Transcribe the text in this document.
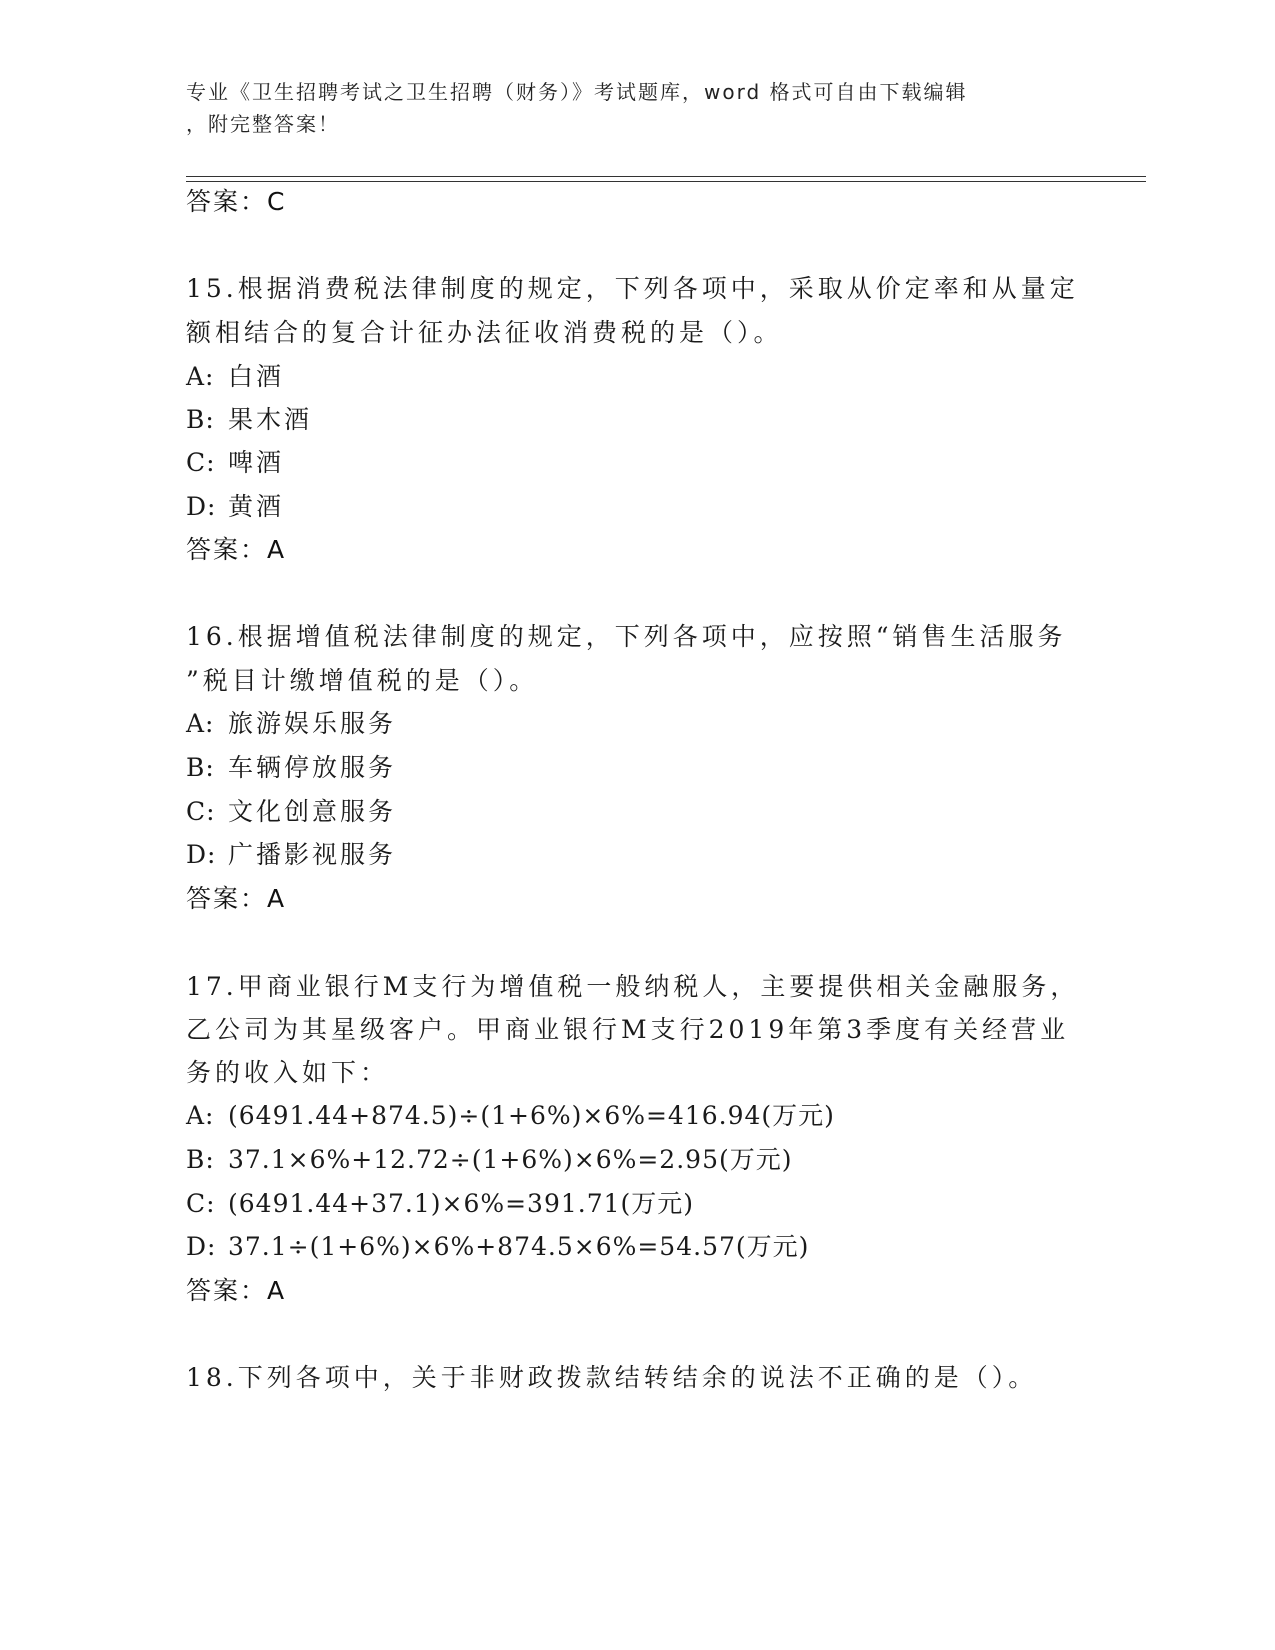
专业《卫生招聘考试之卫生招聘（财务）》考试题库，word 格式可自由下载编辑
，附完整答案！
答案：C
15.根据消费税法律制度的规定，下列各项中，采取从价定率和从量定
额相结合的复合计征办法征收消费税的是（）。
A: 白酒
B: 果木酒
C: 啤酒
D: 黄酒
答案：A
16.根据增值税法律制度的规定，下列各项中，应按照“销售生活服务
”税目计缴增值税的是（）。
A: 旅游娱乐服务
B: 车辆停放服务
C: 文化创意服务
D: 广播影视服务
答案：A
17.甲商业银行M支行为增值税一般纳税人，主要提供相关金融服务，
乙公司为其星级客户。甲商业银行M支行2019年第3季度有关经营业
务的收入如下：
A: (6491.44+874.5)÷(1+6%)×6%=416.94(万元)
B: 37.1×6%+12.72÷(1+6%)×6%=2.95(万元)
C: (6491.44+37.1)×6%=391.71(万元)
D: 37.1÷(1+6%)×6%+874.5×6%=54.57(万元)
答案：A
18.下列各项中，关于非财政拨款结转结余的说法不正确的是（）。
